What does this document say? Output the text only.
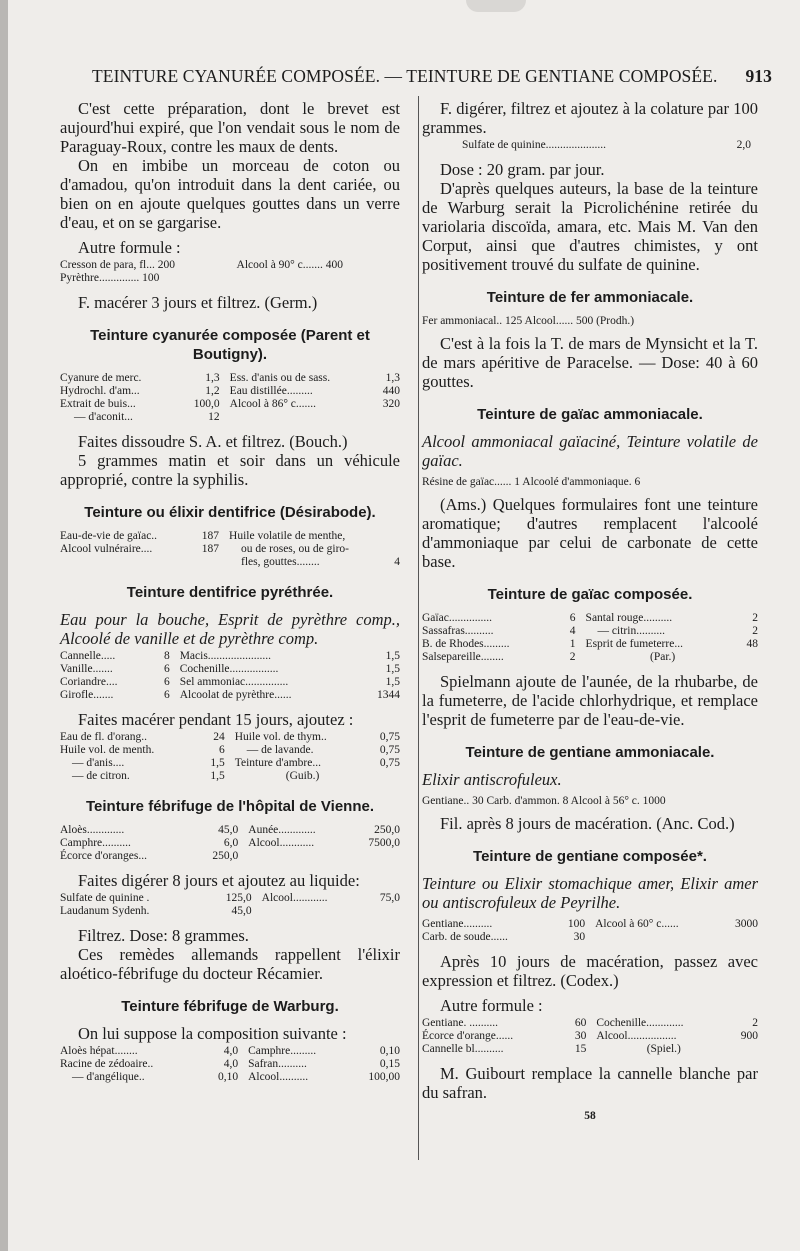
TEINTURE CYANURÉE COMPOSÉE. — TEINTURE DE GENTIANE COMPOSÉE. 913

C'est cette préparation, dont le brevet est aujourd'hui expiré, que l'on vendait sous le nom de Paraguay-Roux, contre les maux de dents.

On en imbibe un morceau de coton ou d'amadou, qu'on introduit dans la dent cariée, ou bien on en ajoute quelques gouttes dans un verre d'eau, et on se gargarise.

Autre formule :

Cresson de para, fl... 200	Alcool à 90° c....... 400
Pyrèthre.............. 100	

F. macérer 3 jours et filtrez. (Germ.)

Teinture cyanurée composée (Parent et Boutigny).
Cyanure de merc.	1,3	Ess. d'anis ou de sass.	1,3
Hydrochl. d'am...	1,2	Eau distillée.........	440
Extrait de buis...	100,0	Alcool à 86° c.......	320
— d'aconit...	12		

Faites dissoudre S. A. et filtrez. (Bouch.)

5 grammes matin et soir dans un véhicule approprié, contre la syphilis.

Teinture ou élixir dentifrice (Désirabode).
Eau-de-vie de gaïac..	187	Huile volatile de menthe,	
Alcool vulnéraire....	187	ou de roses, ou de giro-	
		fles, gouttes........	4
Teinture dentifrice pyréthrée.

Eau pour la bouche, Esprit de pyrèthre comp., Alcoolé de vanille et de pyrèthre comp.

Cannelle.....	8	Macis......................	1,5
Vanille.......	6	Cochenille.................	1,5
Coriandre....	6	Sel ammoniac...............	1,5
Girofle.......	6	Alcoolat de pyrèthre......	1344

Faites macérer pendant 15 jours, ajoutez :

Eau de fl. d'orang..	24	Huile vol. de thym..	0,75
Huile vol. de menth.	6	— de lavande.	0,75
— d'anis....	1,5	Teinture d'ambre...	0,75
— de citron.	1,5	(Guib.)	
Teinture fébrifuge de l'hôpital de Vienne.
Aloès.............	45,0	Aunée.............	250,0
Camphre..........	6,0	Alcool............	7500,0
Écorce d'oranges...	250,0		

Faites digérer 8 jours et ajoutez au liquide:

Sulfate de quinine .	125,0	Alcool............	75,0
Laudanum Sydenh.	45,0		

Filtrez. Dose: 8 grammes.

Ces remèdes allemands rappellent l'élixir aloético-fébrifuge du docteur Récamier.

Teinture fébrifuge de Warburg.

On lui suppose la composition suivante :

Aloès hépat........	4,0	Camphre.........	0,10
Racine de zédoaire..	4,0	Safran..........	0,15
— d'angélique..	0,10	Alcool..........	100,00

F. digérer, filtrez et ajoutez à la colature par 100 grammes.

Sulfate de quinine.....................	2,0

Dose : 20 gram. par jour.

D'après quelques auteurs, la base de la teinture de Warburg serait la Picrolichénine retirée du variolaria discoïda, amara, etc. Mais M. Van den Corput, ainsi que d'autres chimistes, y ont positivement trouvé du sulfate de quinine.

Teinture de fer ammoniacale.

Fer ammoniacal.. 125 Alcool...... 500 (Prodh.)

C'est à la fois la T. de mars de Mynsicht et la T. de mars apéritive de Paracelse. — Dose: 40 à 60 gouttes.

Teinture de gaïac ammoniacale.

Alcool ammoniacal gaïaciné, Teinture volatile de gaïac.

Résine de gaïac...... 1 Alcoolé d'ammoniaque. 6

(Ams.) Quelques formulaires font une teinture aromatique; d'autres remplacent l'alcoolé d'ammoniaque par celui de carbonate de cette base.

Teinture de gaïac composée.
Gaïac...............	6	Santal rouge..........	2
Sassafras..........	4	— citrin..........	2
B. de Rhodes.........	1	Esprit de fumeterre...	48
Salsepareille........	2	(Par.)	

Spielmann ajoute de l'aunée, de la rhubarbe, de la fumeterre, de l'acide chlorhydrique, et remplace l'esprit de fumeterre par de l'eau-de-vie.

Teinture de gentiane ammoniacale.

Elixir antiscrofuleux.

Gentiane.. 30 Carb. d'ammon. 8 Alcool à 56° c. 1000

Fil. après 8 jours de macération. (Anc. Cod.)

Teinture de gentiane composée*.

Teinture ou Elixir stomachique amer, Elixir amer ou antiscrofuleux de Peyrilhe.

Gentiane..........	100	Alcool à 60° c......	3000
Carb. de soude......	30		

Après 10 jours de macération, passez avec expression et filtrez. (Codex.)

Autre formule :

Gentiane. ..........	60	Cochenille.............	2
Écorce d'orange......	30	Alcool.................	900
Cannelle bl..........	15	(Spiel.)	

M. Guibourt remplace la cannelle blanche par du safran.

58
